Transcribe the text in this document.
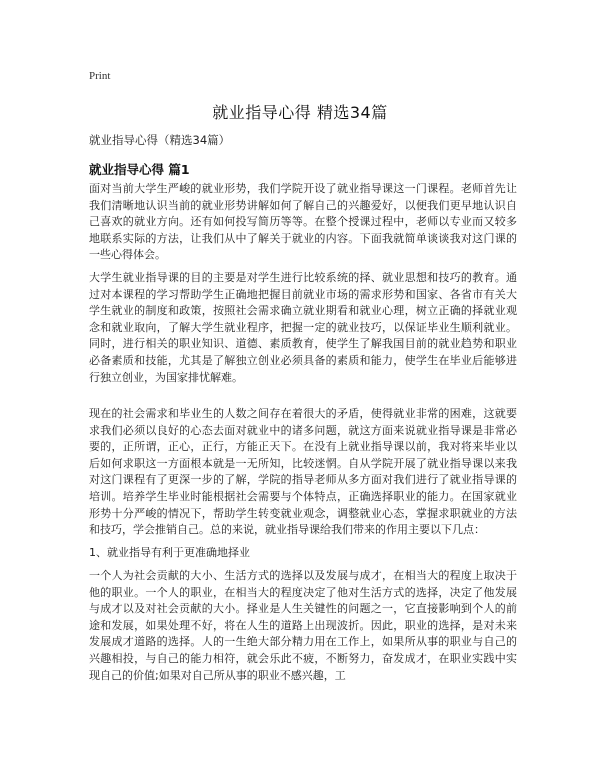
Print
就业指导心得 精选34篇
就业指导心得（精选34篇）
就业指导心得 篇1

面对当前大学生严峻的就业形势，我们学院开设了就业指导课这一门课程。老师首先让我们清晰地认识当前的就业形势讲解如何了解自己的兴趣爱好，以便我们更早地认识自己喜欢的就业方向。还有如何投写简历等等。在整个授课过程中，老师以专业而又较多地联系实际的方法，让我们从中了解关于就业的内容。下面我就简单谈谈我对这门课的一些心得体会。

大学生就业指导课的目的主要是对学生进行比较系统的择、就业思想和技巧的教育。通过对本课程的学习帮助学生正确地把握目前就业市场的需求形势和国家、各省市有关大学生就业的制度和政策，按照社会需求确立就业期看和就业心理，树立正确的择就业观念和就业取向，了解大学生就业程序，把握一定的就业技巧，以保证毕业生顺利就业。同时，进行相关的职业知识、道德、素质教育，使学生了解我国目前的就业趋势和职业必备素质和技能，尤其是了解独立创业必须具备的素质和能力，使学生在毕业后能够进行独立创业，为国家排忧解难。

现在的社会需求和毕业生的人数之间存在着很大的矛盾，使得就业非常的困难，这就要求我们必须以良好的心态去面对就业中的诸多问题，就这方面来说就业指导课是非常必要的，正所谓，正心，正行，方能正天下。在没有上就业指导课以前，我对将来毕业以后如何求职这一方面根本就是一无所知，比较迷惘。自从学院开展了就业指导课以来我对这门课程有了更深一步的了解，学院的指导老师从多方面对我们进行了就业指导课的培训。培养学生毕业时能根据社会需要与个体特点，正确选择职业的能力。在国家就业形势十分严峻的情况下，帮助学生转变就业观念，调整就业心态，掌握求职就业的方法和技巧，学会推销自己。总的来说，就业指导课给我们带来的作用主要以下几点：

1、就业指导有利于更准确地择业

一个人为社会贡献的大小、生活方式的选择以及发展与成才，在相当大的程度上取决于他的职业。一个人的职业，在相当大的程度决定了他对生活方式的选择，决定了他发展与成才以及对社会贡献的大小。择业是人生关键性的问题之一，它直接影响到个人的前途和发展，如果处理不好，将在人生的道路上出现波折。因此，职业的选择，是对未来发展成才道路的选择。人的一生绝大部分精力用在工作上，如果所从事的职业与自己的兴趣相投，与自己的能力相符，就会乐此不疲，不断努力，奋发成才，在职业实践中实现自己的价值;如果对自己所从事的职业不感兴趣，工
